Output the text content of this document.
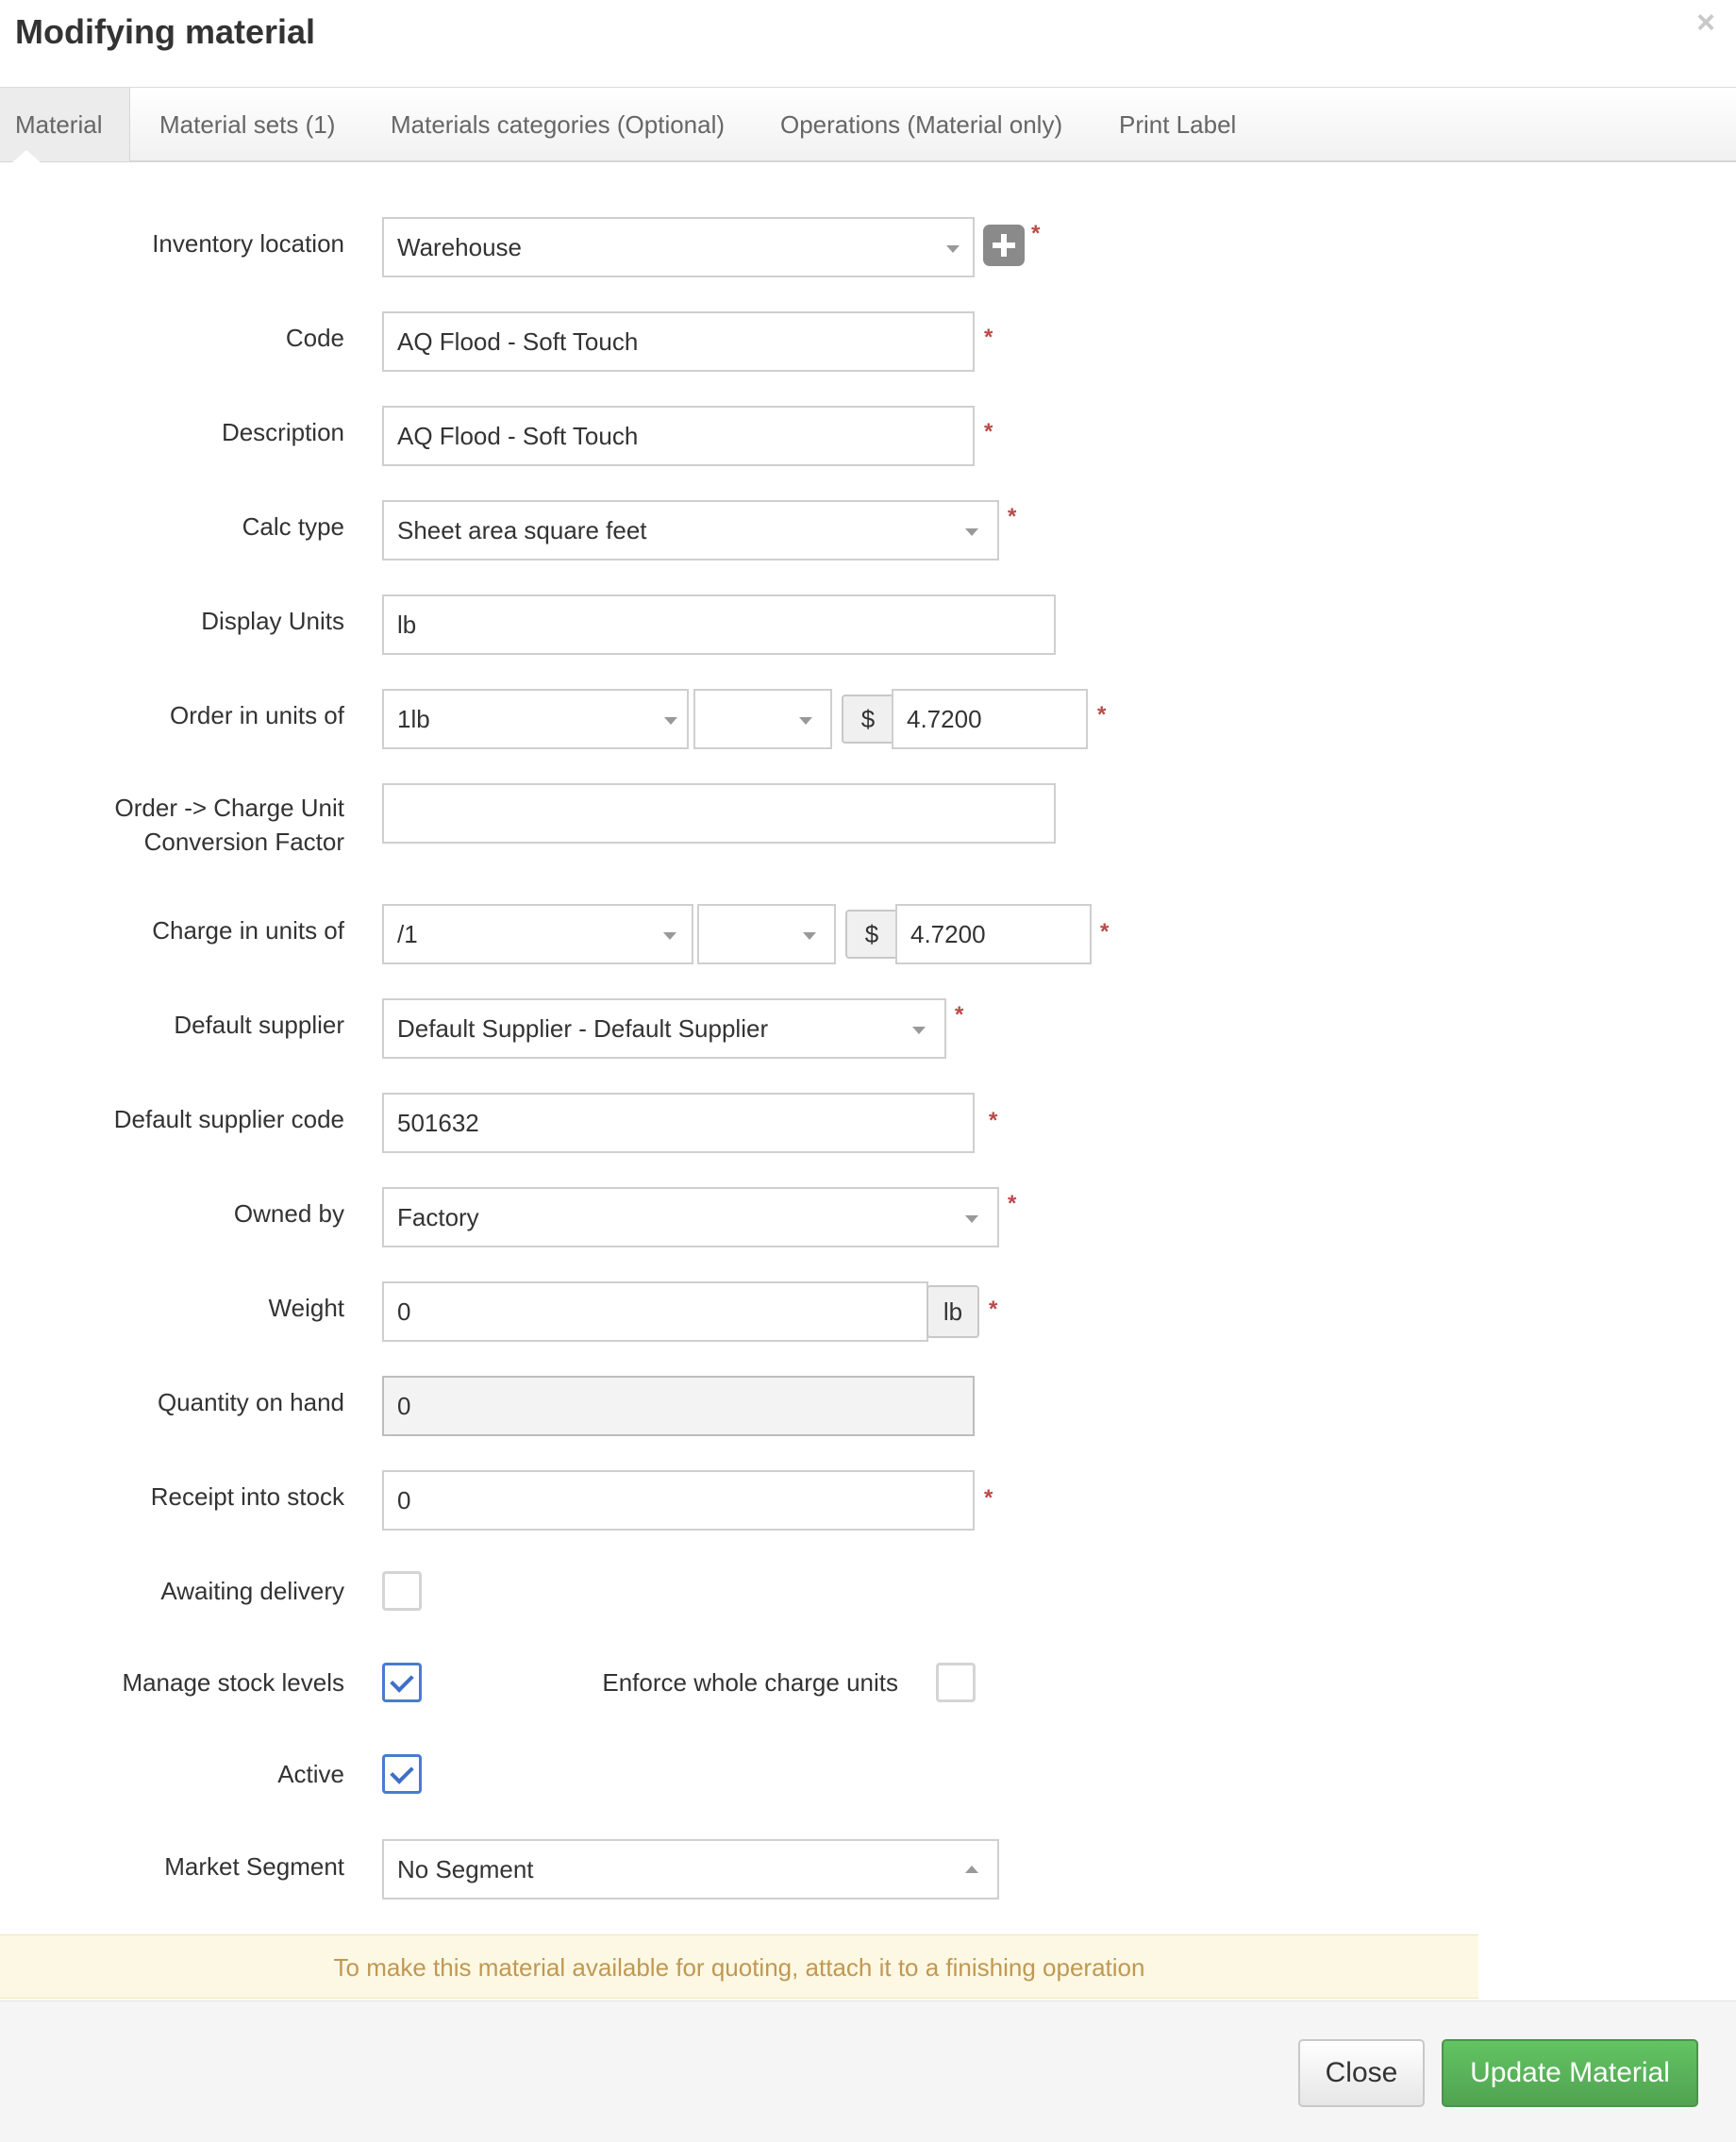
Modifying material	×
Material	Material sets (1) Materials categories (Optional) Operations (Material only) Print Label
Inventory location	Warehouse	*
Code	AQ Flood - Soft Touch	*
Description	AQ Flood - Soft Touch	*
Calc type	Sheet area square feet	*
Display Units	lb
Order in units of	1lb	$	4.7200	*
Order -> Charge Unit
Conversion Factor
Charge in units of	/1	$	4.7200	*
Default supplier	Default Supplier - Default Supplier	*
Default supplier code	501632	*
Owned by	Factory	*
Weight	0	lb	*
Quantity on hand	0
Receipt into stock	0	*
Awaiting delivery
Manage stock levels	Enforce whole charge units
Active
Market Segment	No Segment
To make this material available for quoting, attach it to a finishing operation
Close	Update Material
